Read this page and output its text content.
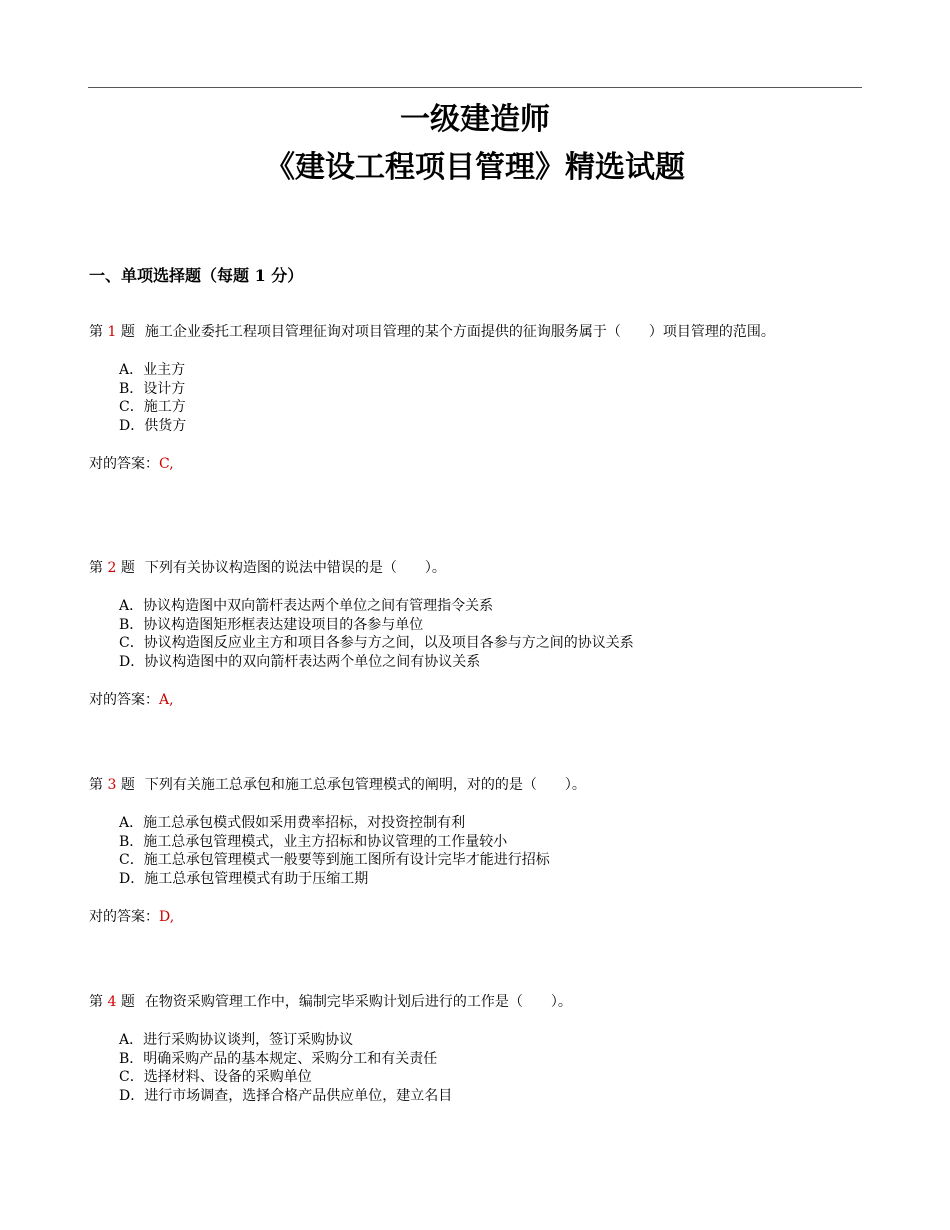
一级建造师
《建设工程项目管理》精选试题
一、单项选择题（每题 1 分）
第 1 题 施工企业委托工程项目管理征询对项目管理的某个方面提供的征询服务属于（　　）项目管理的范围。
A．业主方
B．设计方
C．施工方
D．供货方
对的答案：C,
第 2 题 下列有关协议构造图的说法中错误的是（　　）。
A．协议构造图中双向箭杆表达两个单位之间有管理指令关系
B．协议构造图矩形框表达建设项目的各参与单位
C．协议构造图反应业主方和项目各参与方之间，以及项目各参与方之间的协议关系
D．协议构造图中的双向箭杆表达两个单位之间有协议关系
对的答案：A,
第 3 题 下列有关施工总承包和施工总承包管理模式的阐明，对的的是（　　）。
A．施工总承包模式假如采用费率招标，对投资控制有利
B．施工总承包管理模式，业主方招标和协议管理的工作量较小
C．施工总承包管理模式一般要等到施工图所有设计完毕才能进行招标
D．施工总承包管理模式有助于压缩工期
对的答案：D,
第 4 题 在物资采购管理工作中，编制完毕采购计划后进行的工作是（　　）。
A．进行采购协议谈判，签订采购协议
B．明确采购产品的基本规定、采购分工和有关责任
C．选择材料、设备的采购单位
D．进行市场调查，选择合格产品供应单位，建立名目
